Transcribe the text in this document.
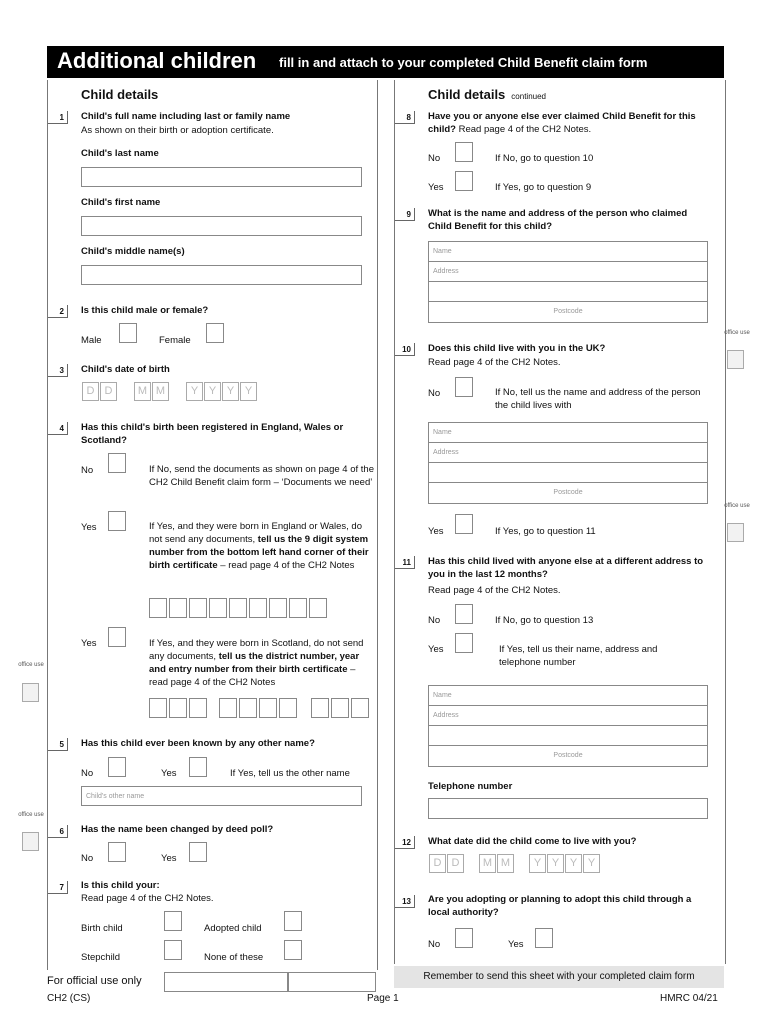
Additional children fill in and attach to your completed Child Benefit claim form
Child details
1	Child's full name including last or family name
As shown on their birth or adoption certificate.
Child's last name
Child's first name
Child's middle name(s)
2	Is this child male or female?
Male	Female
3	Child's date of birth
D D	M M	Y Y Y Y
4	Has this child's birth been registered in England, Wales or Scotland?
No	If No, send the documents as shown on page 4 of the CH2 Child Benefit claim form – ‘Documents we need’
Yes	If Yes, and they were born in England or Wales, do not send any documents, tell us the 9 digit system number from the bottom left hand corner of their birth certificate – read page 4 of the CH2 Notes
Yes	If Yes, and they were born in Scotland, do not send any documents, tell us the district number, year and entry number from their birth certificate – read page 4 of the CH2 Notes
5	Has this child ever been known by any other name?
No	Yes	If Yes, tell us the other name
Child's other name
6	Has the name been changed by deed poll?
No	Yes
7	Is this child your:
Read page 4 of the CH2 Notes.
Birth child	Adopted child
Stepchild	None of these
office use
office use
Child details continued
8	Have you or anyone else ever claimed Child Benefit for this child? Read page 4 of the CH2 Notes.
No	If No, go to question 10
Yes	If Yes, go to question 9
9	What is the name and address of the person who claimed Child Benefit for this child?
Name
Address
Postcode
10	Does this child live with you in the UK?
Read page 4 of the CH2 Notes.
No	If No, tell us the name and address of the person the child lives with
Name
Address
Postcode
Yes	If Yes, go to question 11
11	Has this child lived with anyone else at a different address to you in the last 12 months?
Read page 4 of the CH2 Notes.
No	If No, go to question 13
Yes	If Yes, tell us their name, address and telephone number
Name
Address
Postcode
Telephone number
12	What date did the child come to live with you?
D D	M M	Y Y Y Y
13	Are you adopting or planning to adopt this child through a local authority?
No	Yes
office use
office use
For official use only	Remember to send this sheet with your completed claim form
CH2 (CS)	Page 1	HMRC 04/21
